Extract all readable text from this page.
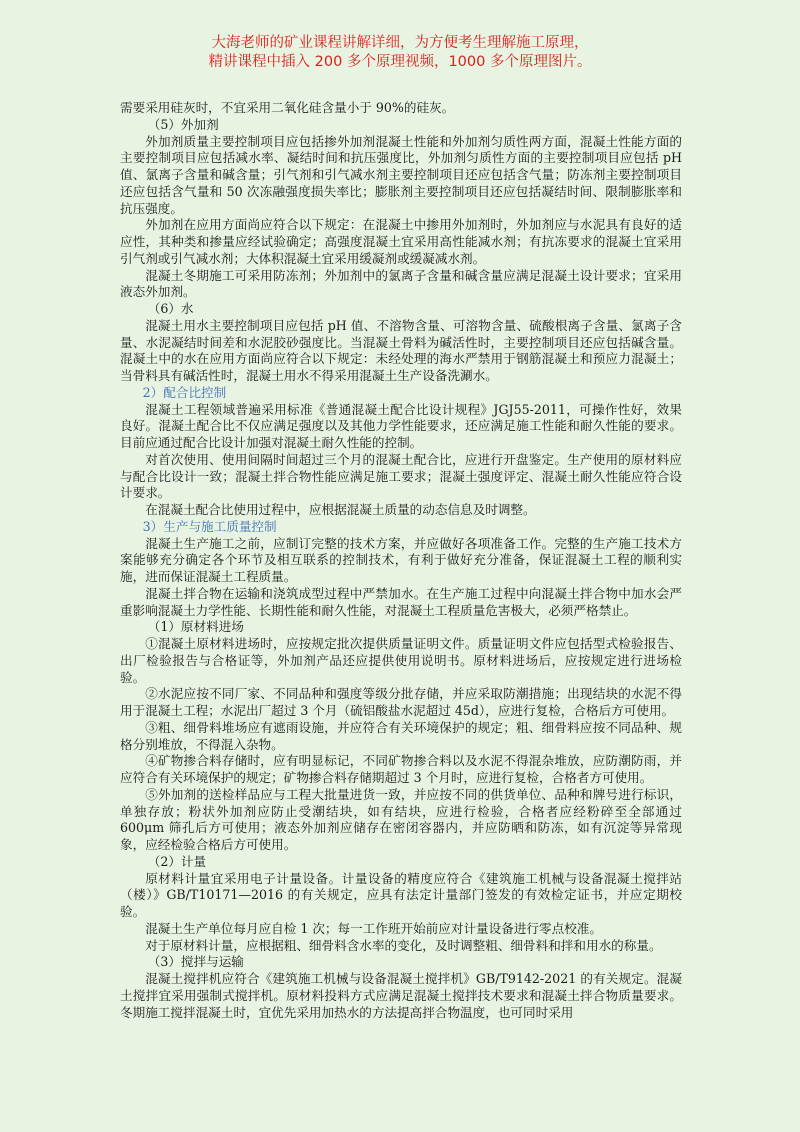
大海老师的矿业课程讲解详细，为方便考生理解施工原理，
精讲课程中插入 200 多个原理视频，1000 多个原理图片。

需要采用硅灰时，不宜采用二氧化硅含量小于 90%的硅灰。

（5）外加剂

外加剂质量主要控制项目应包括掺外加剂混凝土性能和外加剂匀质性两方面，混凝土性能方面的主要控制项目应包括减水率、凝结时间和抗压强度比，外加剂匀质性方面的主要控制项目应包括 pH 值、氯离子含量和碱含量；引气剂和引气减水剂主要控制项目还应包括含气量；防冻剂主要控制项目还应包括含气量和 50 次冻融强度损失率比；膨胀剂主要控制项目还应包括凝结时间、限制膨胀率和抗压强度。

外加剂在应用方面尚应符合以下规定：在混凝土中掺用外加剂时，外加剂应与水泥具有良好的适应性，其种类和掺量应经试验确定；高强度混凝土宜采用高性能减水剂；有抗冻要求的混凝土宜采用引气剂或引气减水剂；大体积混凝土宜采用缓凝剂或缓凝减水剂。

混凝土冬期施工可采用防冻剂；外加剂中的氯离子含量和碱含量应满足混凝土设计要求；宜采用液态外加剂。

（6）水

混凝土用水主要控制项目应包括 pH 值、不溶物含量、可溶物含量、硫酸根离子含量、氯离子含量、水泥凝结时间差和水泥胶砂强度比。当混凝土骨料为碱活性时，主要控制项目还应包括碱含量。混凝土中的水在应用方面尚应符合以下规定：未经处理的海水严禁用于钢筋混凝土和预应力混凝土；当骨料具有碱活性时，混凝土用水不得采用混凝土生产设备洗涮水。

2）配合比控制

混凝土工程领域普遍采用标准《普通混凝土配合比设计规程》JGJ55-2011，可操作性好，效果良好。混凝土配合比不仅应满足强度以及其他力学性能要求，还应满足施工性能和耐久性能的要求。目前应通过配合比设计加强对混凝土耐久性能的控制。

对首次使用、使用间隔时间超过三个月的混凝土配合比，应进行开盘鉴定。生产使用的原材料应与配合比设计一致；混凝土拌合物性能应满足施工要求；混凝土强度评定、混凝土耐久性能应符合设计要求。

在混凝土配合比使用过程中，应根据混凝土质量的动态信息及时调整。

3）生产与施工质量控制

混凝土生产施工之前，应制订完整的技术方案，并应做好各项准备工作。完整的生产施工技术方案能够充分确定各个环节及相互联系的控制技术，有利于做好充分准备，保证混凝土工程的顺利实施，进而保证混凝土工程质量。

混凝土拌合物在运输和浇筑成型过程中严禁加水。在生产施工过程中向混凝土拌合物中加水会严重影响混凝土力学性能、长期性能和耐久性能，对混凝土工程质量危害极大，必须严格禁止。

（1）原材料进场

①混凝土原材料进场时，应按规定批次提供质量证明文件。质量证明文件应包括型式检验报告、出厂检验报告与合格证等，外加剂产品还应提供使用说明书。原材料进场后，应按规定进行进场检验。

②水泥应按不同厂家、不同品种和强度等级分批存储，并应采取防潮措施；出现结块的水泥不得用于混凝土工程；水泥出厂超过 3 个月（硫铝酸盐水泥超过 45d），应进行复检，合格后方可使用。

③粗、细骨料堆场应有遮雨设施，并应符合有关环境保护的规定；粗、细骨料应按不同品种、规格分别堆放，不得混入杂物。

④矿物掺合料存储时，应有明显标记，不同矿物掺合料以及水泥不得混杂堆放，应防潮防雨，并应符合有关环境保护的规定；矿物掺合料存储期超过 3 个月时，应进行复检，合格者方可使用。

⑤外加剂的送检样品应与工程大批量进货一致，并应按不同的供货单位、品种和牌号进行标识，单独存放；粉状外加剂应防止受潮结块，如有结块，应进行检验，合格者应经粉碎至全部通过 600μm 筛孔后方可使用；液态外加剂应储存在密闭容器内，并应防晒和防冻，如有沉淀等异常现象，应经检验合格后方可使用。

（2）计量

原材料计量宜采用电子计量设备。计量设备的精度应符合《建筑施工机械与设备混凝土搅拌站（楼）》GB/T10171—2016 的有关规定，应具有法定计量部门签发的有效检定证书，并应定期校验。

混凝土生产单位每月应自检 1 次；每一工作班开始前应对计量设备进行零点校准。

对于原材料计量，应根据粗、细骨料含水率的变化，及时调整粗、细骨料和拌和用水的称量。

（3）搅拌与运输

混凝土搅拌机应符合《建筑施工机械与设备混凝土搅拌机》GB/T9142-2021 的有关规定。混凝土搅拌宜采用强制式搅拌机。原材料投料方式应满足混凝土搅拌技术要求和混凝土拌合物质量要求。冬期施工搅拌混凝土时，宜优先采用加热水的方法提高拌合物温度，也可同时采用
